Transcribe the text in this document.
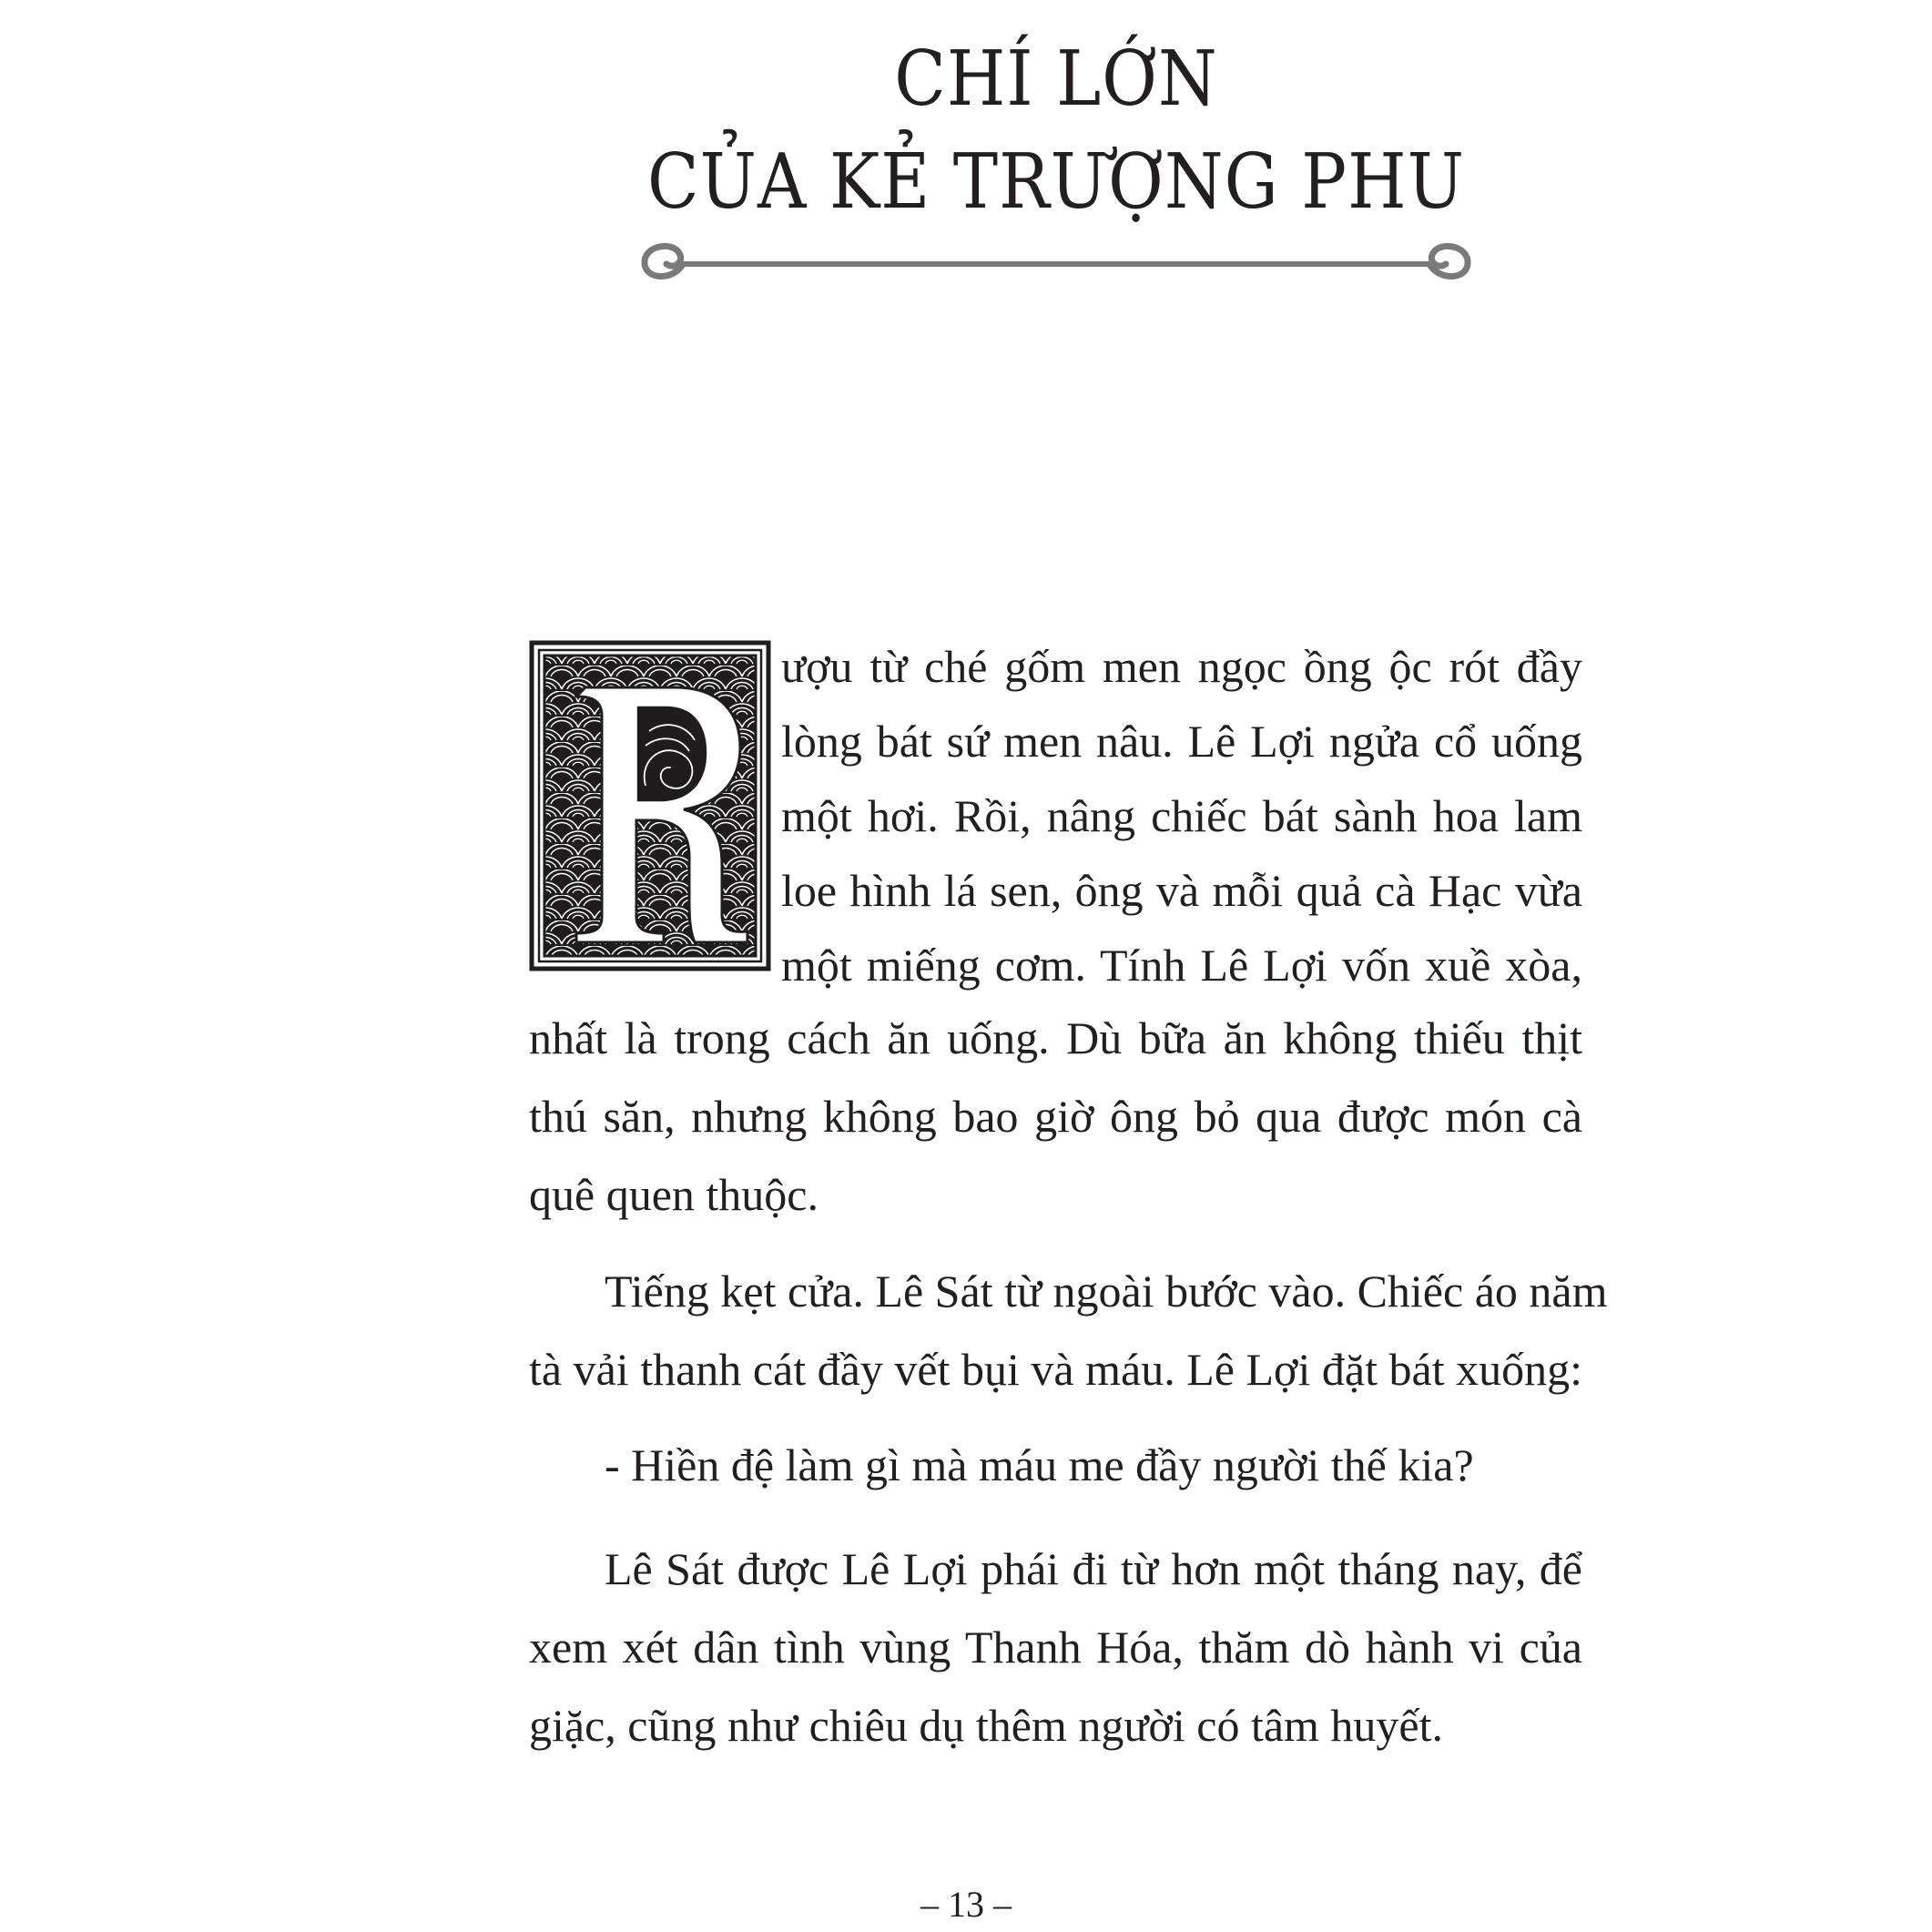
CHÍ LỚN
CỦA KẺ TRƯỢNG PHU
ượu từ ché gốm men ngọc ồng ộc rót đầy
lòng bát sứ men nâu. Lê Lợi ngửa cổ uống
một hơi. Rồi, nâng chiếc bát sành hoa lam
loe hình lá sen, ông và mỗi quả cà Hạc vừa
một miếng cơm. Tính Lê Lợi vốn xuề xòa,
nhất là trong cách ăn uống. Dù bữa ăn không thiếu thịt
thú săn, nhưng không bao giờ ông bỏ qua được món cà
quê quen thuộc.
Tiếng kẹt cửa. Lê Sát từ ngoài bước vào. Chiếc áo năm
tà vải thanh cát đầy vết bụi và máu. Lê Lợi đặt bát xuống:
- Hiền đệ làm gì mà máu me đầy người thế kia?
Lê Sát được Lê Lợi phái đi từ hơn một tháng nay, để
xem xét dân tình vùng Thanh Hóa, thăm dò hành vi của
giặc, cũng như chiêu dụ thêm người có tâm huyết.
– 13 –
